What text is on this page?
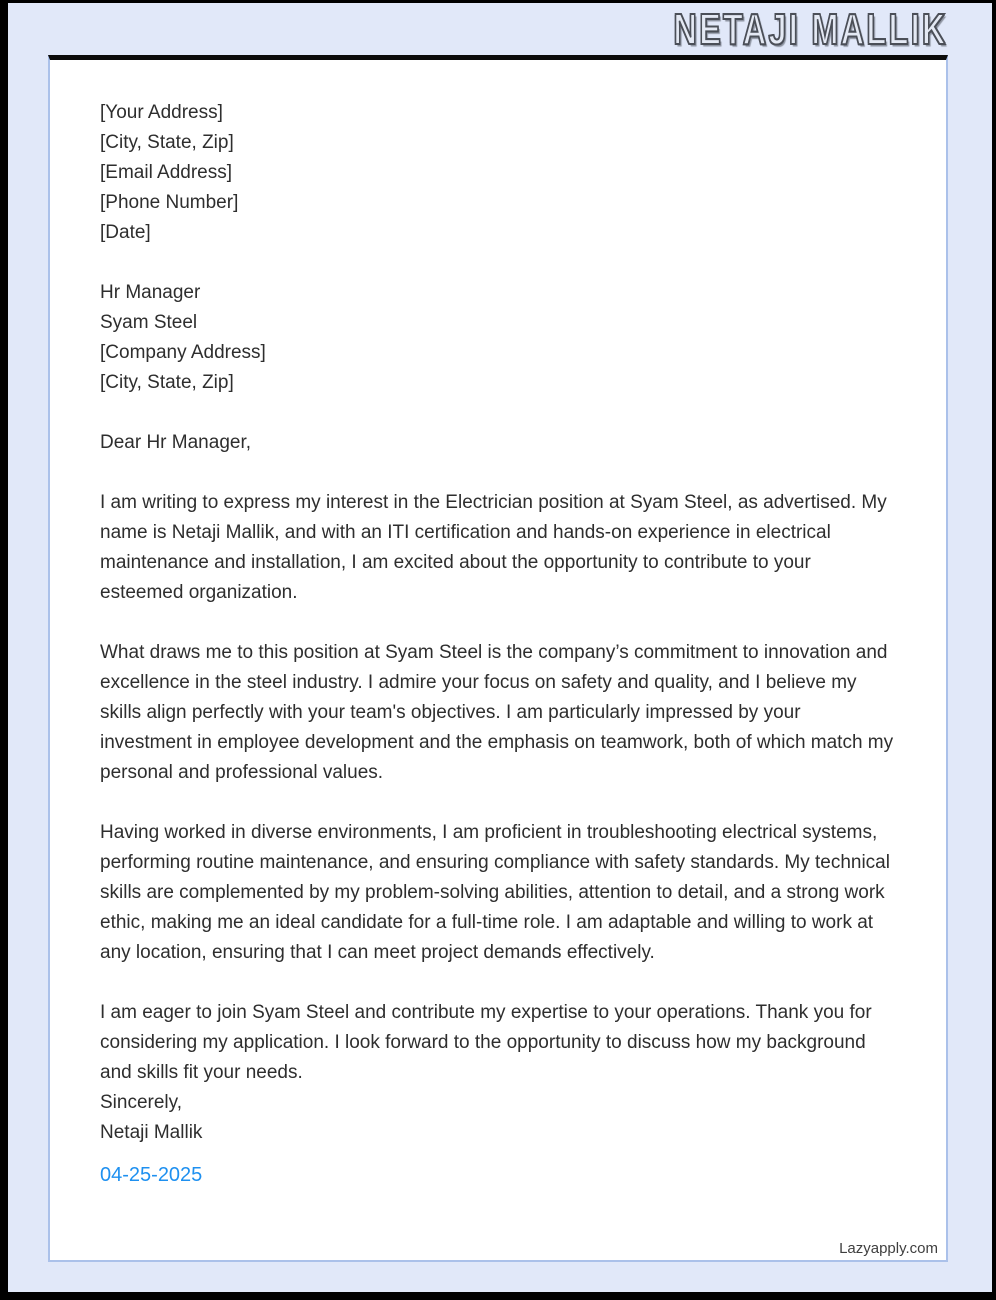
NETAJI MALLIK
[Your Address]
[City, State, Zip]
[Email Address]
[Phone Number]
[Date]
Hr Manager
Syam Steel
[Company Address]
[City, State, Zip]
Dear Hr Manager,

I am writing to express my interest in the Electrician position at Syam Steel, as advertised. My name is Netaji Mallik, and with an ITI certification and hands-on experience in electrical maintenance and installation, I am excited about the opportunity to contribute to your esteemed organization.

What draws me to this position at Syam Steel is the company’s commitment to innovation and excellence in the steel industry. I admire your focus on safety and quality, and I believe my skills align perfectly with your team's objectives. I am particularly impressed by your investment in employee development and the emphasis on teamwork, both of which match my personal and professional values.

Having worked in diverse environments, I am proficient in troubleshooting electrical systems, performing routine maintenance, and ensuring compliance with safety standards. My technical skills are complemented by my problem-solving abilities, attention to detail, and a strong work ethic, making me an ideal candidate for a full-time role. I am adaptable and willing to work at any location, ensuring that I can meet project demands effectively.

I am eager to join Syam Steel and contribute my expertise to your operations. Thank you for considering my application. I look forward to the opportunity to discuss how my background and skills fit your needs.

Sincerely,
Netaji Mallik
04-25-2025
Lazyapply.com
